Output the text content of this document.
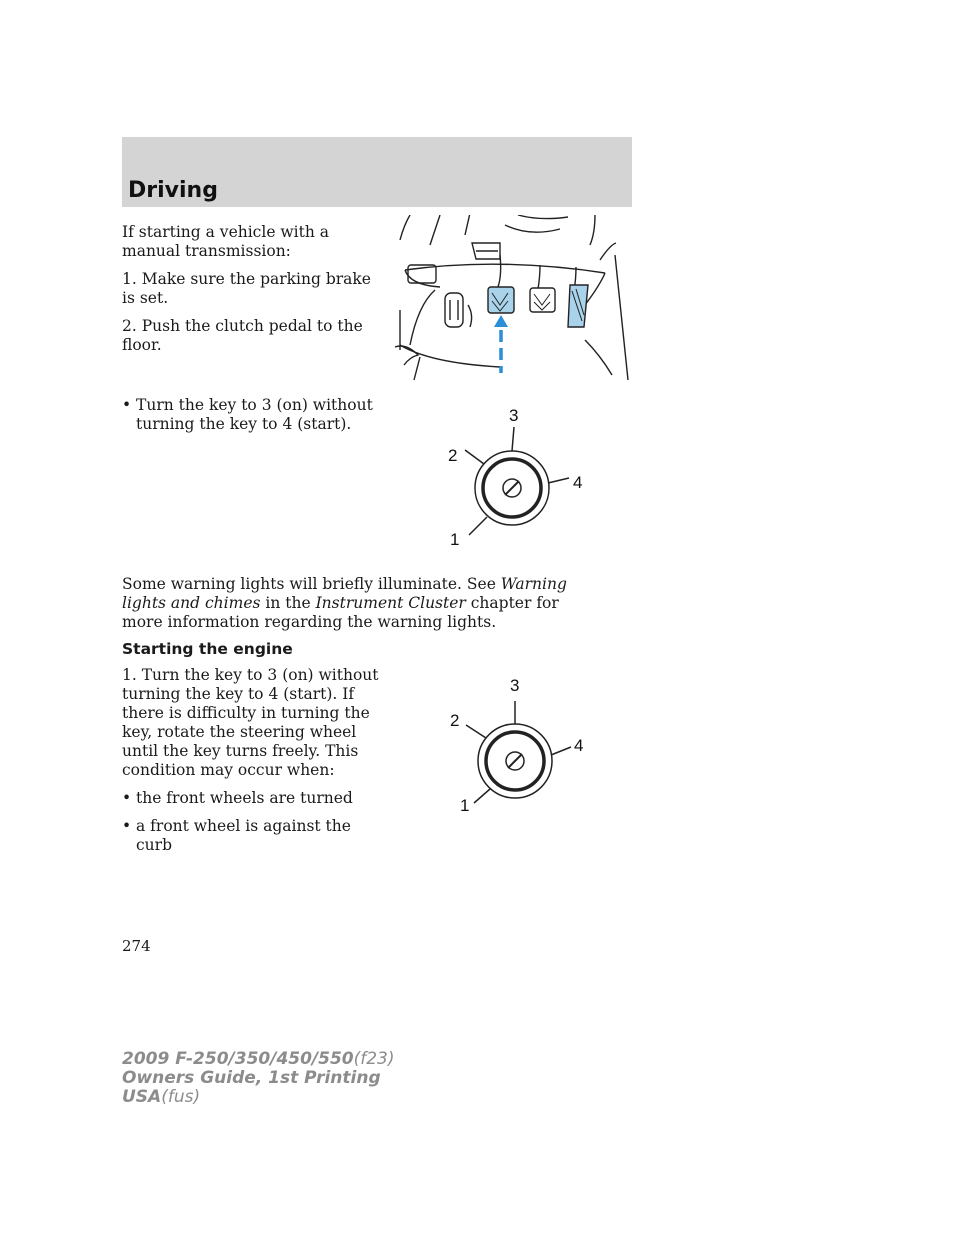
Driving

If starting a vehicle with a manual transmission:

1. Make sure the parking brake is set.

2. Push the clutch pedal to the floor.

• Turn the key to 3 (on) without turning the key to 4 (start).	3
2
4
1

Some warning lights will briefly illuminate. See Warning lights and chimes in the Instrument Cluster chapter for more information regarding the warning lights.

Starting the engine

1. Turn the key to 3 (on) without turning the key to 4 (start). If there is difficulty in turning the key, rotate the steering wheel until the key turns freely. This condition may occur when:

• the front wheels are turned
• a front wheel is against the curb
3
2
4
1
274
2009 F-250/350/450/550(f23)
Owners Guide, 1st Printing
USA(fus)
